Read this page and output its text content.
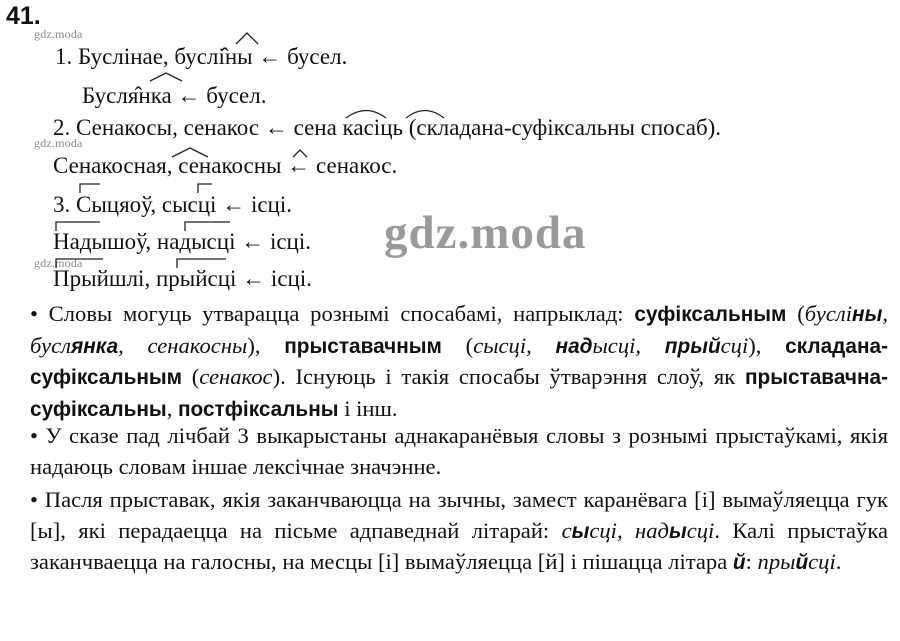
41.
gdz.moda
gdz.moda
gdz.moda
gdz.moda
1. Буслінае, буслі̂ны ← бусел.
Бусля̂нка ← бусел.
2. Сенакосы, сенакос ← сена касіць (складана-суфіксальны спосаб).
Сенакосная, сенакосны ← сенакос.
3. Сыцяоў, сысці ← ісці.
Надышоў, надысці ← ісці.
Прыйшлі, прыйсці ← ісці.
• Словы могуць утварацца рознымі спосабамі, напрыклад: суфіксальным (бусліны, буслянка, сенакосны), прыставачным (сысці, надысці, прыйсці), складана-суфіксальным (сенакос). Існуюць і такія спосабы ўтварэння слоў, як прыставачна-суфіксальны, постфіксальны і інш.
• У сказе пад лічбай 3 выкарыстаны аднакаранёвыя словы з рознымі прыстаўкамі, якія надаюць словам іншае лексічнае значэнне.
• Пасля прыставак, якія заканчваюцца на зычны, замест каранёвага [і] вымаўляецца гук [ы], які перадаецца на пісьме адпаведнай літарай: сысці, надысці. Калі прыстаўка заканчваецца на галосны, на месцы [і] вымаўляецца [й] і пішацца літара й: прыйсці.
